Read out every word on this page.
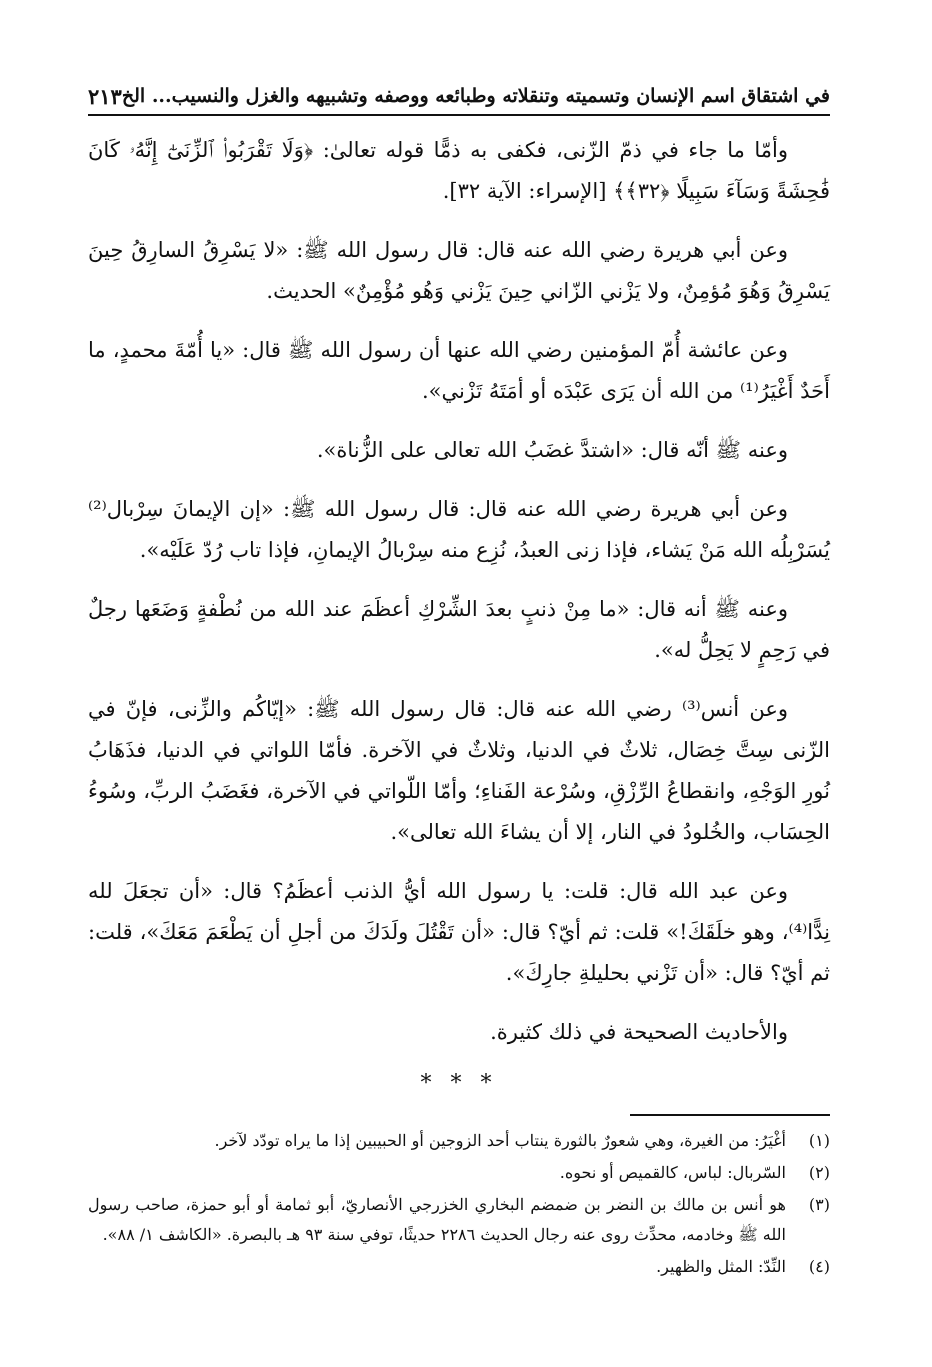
في اشتقاق اسم الإنسان وتسميته وتنقلاته وطبائعه ووصفه وتشبيهه والغزل والنسيب... الخ
٢١٣

وأمّا ما جاء في ذمّ الزّنى، فكفى به ذمًّا قوله تعالىٰ: ﴿وَلَا تَقْرَبُوا۟ ٱلزِّنَىٰٓ إِنَّهُۥ كَانَ فَٰحِشَةً وَسَآءَ سَبِيلًا ﴿٣٢﴾﴾ [الإسراء: الآية ٣٢].

وعن أبي هريرة رضي الله عنه قال: قال رسول الله ﷺ: «لا يَسْرِقُ السارِقُ حِينَ يَسْرِقُ وَهُوَ مُؤمِنٌ، ولا يَزْني الزّاني حِينَ يَزْني وَهُو مُؤْمِنٌ» الحديث.

وعن عائشة أُمّ المؤمنين رضي الله عنها أن رسول الله ﷺ قال: «يا أُمّةَ محمدٍ، ما أَحَدٌ أَغْيَرُ⁽¹⁾ من الله أن يَرَى عَبْدَه أو أمَتَهُ تَزْني».

وعنه ﷺ أنّه قال: «اشتدَّ غضَبُ الله تعالى على الزُّناة».

وعن أبي هريرة رضي الله عنه قال: قال رسول الله ﷺ: «إن الإيمانَ سِرْبال⁽²⁾ يُسَرْبِلُه الله مَنْ يَشاء، فإذا زنى العبدُ، نُزِع منه سِرْبالُ الإيمانِ، فإذا تاب رُدّ عَلَيْه».

وعنه ﷺ أنه قال: «ما مِنْ ذنبٍ بعدَ الشِّرْكِ أعظَمَ عند الله من نُطْفةٍ وَضَعَها رجلٌ في رَحِمٍ لا يَحِلُّ له».

وعن أنس⁽³⁾ رضي الله عنه قال: قال رسول الله ﷺ: «إيّاكُم والزِّنى، فإنّ في الزّنى سِتَّ خِصَال، ثلاثٌ في الدنيا، وثلاثٌ في الآخرة. فأمّا اللواتي في الدنيا، فذَهَابُ نُورِ الوَجْهِ، وانقطاعُ الرِّزْقِ، وسُرْعة الفَناءِ؛ وأمّا اللّواتي في الآخرة، فغَضَبُ الربِّ، وسُوءُ الحِسَاب، والخُلودُ في النار، إلا أن يشاءَ الله تعالى».

وعن عبد الله قال: قلت: يا رسول الله أيُّ الذنب أعظَمُ؟ قال: «أن تجعَلَ لله نِدًّا⁽⁴⁾، وهو خلَقَكَ!» قلت: ثم أيّ؟ قال: «أن تَقْتُلَ ولَدَكَ من أجلِ أن يَطْعَمَ مَعَكَ»، قلت: ثم أيّ؟ قال: «أن تَزْني بحليلةِ جارِكَ».

والأحاديث الصحيحة في ذلك كثيرة.

* * *
(١)
أغْيَرُ: من الغيرة، وهي شعورٌ بالثورة ينتاب أحد الزوجين أو الحبيبين إذا ما يراه تودّد لآخر.
(٢)
السّربال: لباس، كالقميص أو نحوه.
(٣)
هو أنس بن مالك بن النضر بن ضمضم البخاري الخزرجي الأنصاريّ، أبو ثمامة أو أبو حمزة، صاحب رسول الله ﷺ وخادمه، محدِّث روى عنه رجال الحديث ٢٢٨٦ حديثًا، توفي سنة ٩٣ هـ بالبصرة. «الكاشف ١/ ٨٨».
(٤)
النِّدّ: المثل والظهير.
